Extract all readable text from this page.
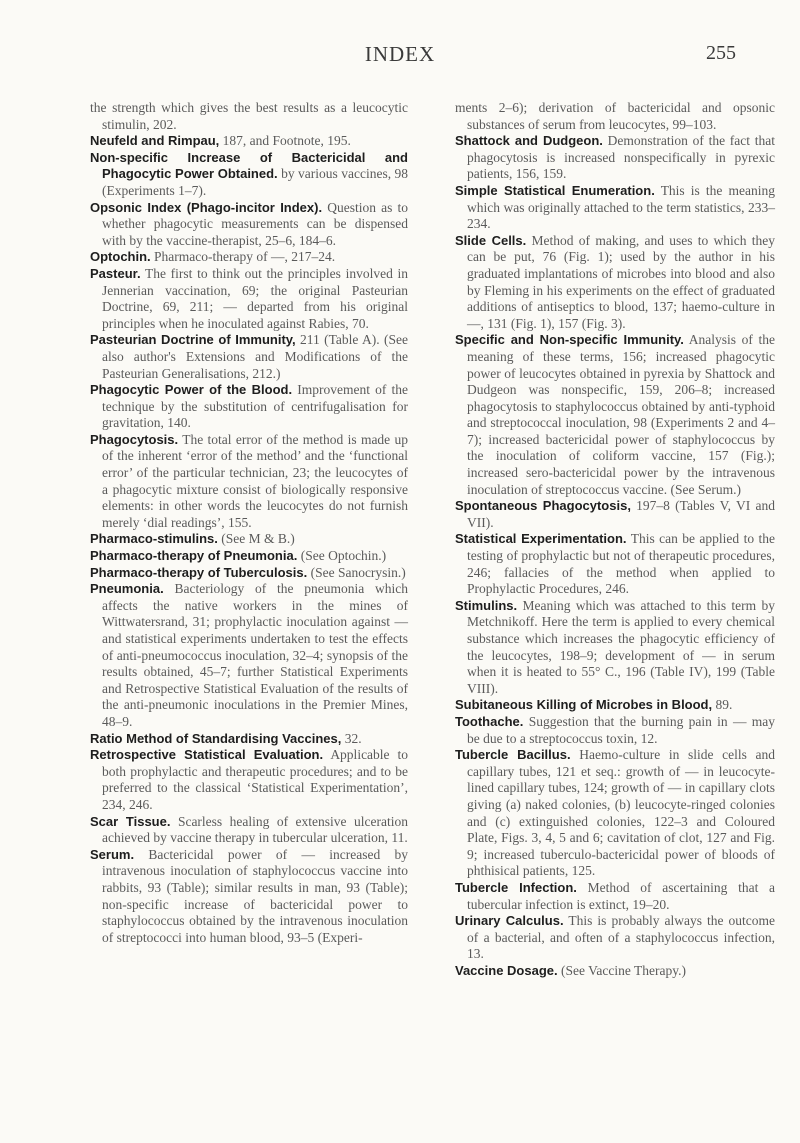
INDEX	255

the strength which gives the best results as a leucocytic stimulin, 202.

Neufeld and Rimpau, 187, and Footnote, 195.

Non-specific Increase of Bactericidal and Phagocytic Power Obtained. by various vaccines, 98 (Experiments 1–7).

Opsonic Index (Phago-incitor Index). Question as to whether phagocytic measurements can be dispensed with by the vaccine-therapist, 25–6, 184–6.

Optochin. Pharmaco-therapy of —, 217–24.

Pasteur. The first to think out the principles involved in Jennerian vaccination, 69; the original Pasteurian Doctrine, 69, 211; — departed from his original principles when he inoculated against Rabies, 70.

Pasteurian Doctrine of Immunity, 211 (Table A). (See also author's Extensions and Modifications of the Pasteurian Generalisations, 212.)

Phagocytic Power of the Blood. Improvement of the technique by the substitution of centrifugalisation for gravitation, 140.

Phagocytosis. The total error of the method is made up of the inherent ‘error of the method’ and the ‘functional error’ of the particular technician, 23; the leucocytes of a phagocytic mixture consist of biologically responsive elements: in other words the leucocytes do not furnish merely ‘dial readings’, 155.

Pharmaco-stimulins. (See M & B.)

Pharmaco-therapy of Pneumonia. (See Optochin.)

Pharmaco-therapy of Tuberculosis. (See Sanocrysin.)

Pneumonia. Bacteriology of the pneumonia which affects the native workers in the mines of Wittwatersrand, 31; prophylactic inoculation against — and statistical experiments undertaken to test the effects of anti-pneumococcus inoculation, 32–4; synopsis of the results obtained, 45–7; further Statistical Experiments and Retrospective Statistical Evaluation of the results of the anti-pneumonic inoculations in the Premier Mines, 48–9.

Ratio Method of Standardising Vaccines, 32.

Retrospective Statistical Evaluation. Applicable to both prophylactic and therapeutic procedures; and to be preferred to the classical ‘Statistical Experimentation’, 234, 246.

Scar Tissue. Scarless healing of extensive ulceration achieved by vaccine therapy in tubercular ulceration, 11.

Serum. Bactericidal power of — increased by intravenous inoculation of staphylococcus vaccine into rabbits, 93 (Table); similar results in man, 93 (Table); non-specific increase of bactericidal power to staphylococcus obtained by the intravenous inoculation of streptococci into human blood, 93–5 (Experi-

ments 2–6); derivation of bactericidal and opsonic substances of serum from leucocytes, 99–103.

Shattock and Dudgeon. Demonstration of the fact that phagocytosis is increased nonspecifically in pyrexic patients, 156, 159.

Simple Statistical Enumeration. This is the meaning which was originally attached to the term statistics, 233–234.

Slide Cells. Method of making, and uses to which they can be put, 76 (Fig. 1); used by the author in his graduated implantations of microbes into blood and also by Fleming in his experiments on the effect of graduated additions of antiseptics to blood, 137; haemo-culture in —, 131 (Fig. 1), 157 (Fig. 3).

Specific and Non-specific Immunity. Analysis of the meaning of these terms, 156; increased phagocytic power of leucocytes obtained in pyrexia by Shattock and Dudgeon was nonspecific, 159, 206–8; increased phagocytosis to staphylococcus obtained by anti-typhoid and streptococcal inoculation, 98 (Experiments 2 and 4–7); increased bactericidal power of staphylococcus by the inoculation of coliform vaccine, 157 (Fig.); increased sero-bactericidal power by the intravenous inoculation of streptococcus vaccine. (See Serum.)

Spontaneous Phagocytosis, 197–8 (Tables V, VI and VII).

Statistical Experimentation. This can be applied to the testing of prophylactic but not of therapeutic procedures, 246; fallacies of the method when applied to Prophylactic Procedures, 246.

Stimulins. Meaning which was attached to this term by Metchnikoff. Here the term is applied to every chemical substance which increases the phagocytic efficiency of the leucocytes, 198–9; development of — in serum when it is heated to 55° C., 196 (Table IV), 199 (Table VIII).

Subitaneous Killing of Microbes in Blood, 89.

Toothache. Suggestion that the burning pain in — may be due to a streptococcus toxin, 12.

Tubercle Bacillus. Haemo-culture in slide cells and capillary tubes, 121 et seq.: growth of — in leucocyte-lined capillary tubes, 124; growth of — in capillary clots giving (a) naked colonies, (b) leucocyte-ringed colonies and (c) extinguished colonies, 122–3 and Coloured Plate, Figs. 3, 4, 5 and 6; cavitation of clot, 127 and Fig. 9; increased tuberculo-bactericidal power of bloods of phthisical patients, 125.

Tubercle Infection. Method of ascertaining that a tubercular infection is extinct, 19–20.

Urinary Calculus. This is probably always the outcome of a bacterial, and often of a staphylococcus infection, 13.

Vaccine Dosage. (See Vaccine Therapy.)
